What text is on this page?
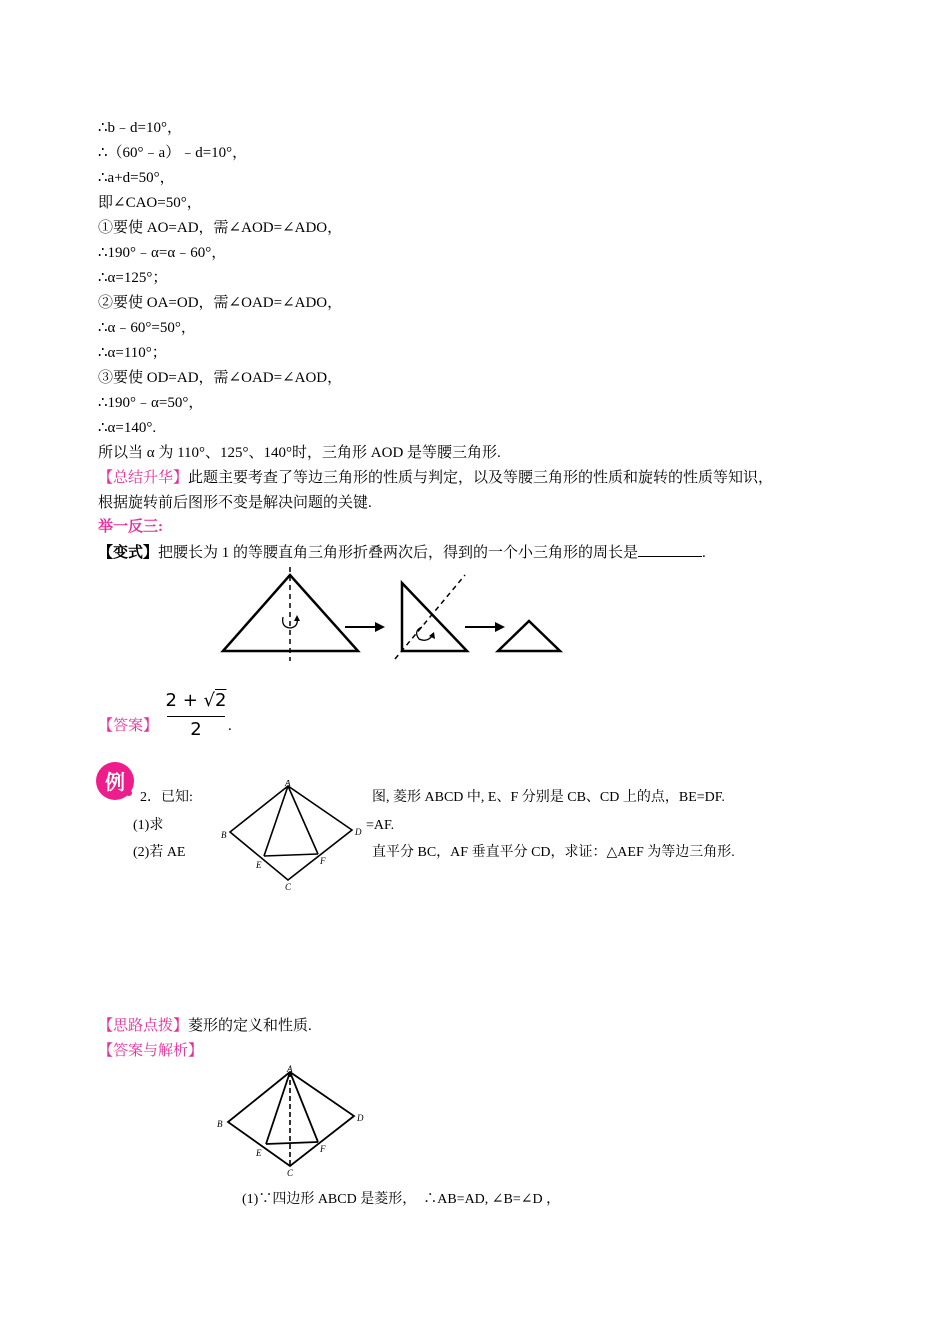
∴b﹣d=10°，
∴（60°﹣a）﹣d=10°，
∴a+d=50°，
即∠CAO=50°，
①要使 AO=AD，需∠AOD=∠ADO，
∴190°﹣α=α﹣60°，
∴α=125°；
②要使 OA=OD，需∠OAD=∠ADO，
∴α﹣60°=50°，
∴α=110°；
③要使 OD=AD，需∠OAD=∠AOD，
∴190°﹣α=50°，
∴α=140°.
所以当 α 为 110°、125°、140°时，三角形 AOD 是等腰三角形.
【总结升华】此题主要考查了等边三角形的性质与判定，以及等腰三角形的性质和旋转的性质等知识，
根据旋转前后图形不变是解决问题的关键.
举一反三:
【变式】把腰长为 1 的等腰直角三角形折叠两次后，得到的一个小三角形的周长是	.
【答案】
2 + √2
2	.
例
2．已知:	图, 菱形 ABCD 中, E、F 分别是 CB、CD 上的点，BE=DF.
(1)求	=AF.
(2)若 AE	直平分 BC，AF 垂直平分 CD，求证：△AEF 为等边三角形.
A
B
C
D
E	F
【思路点拨】菱形的定义和性质.
【答案与解析】
A
B
C
D
E	F
(1)∵四边形 ABCD 是菱形，　∴AB=AD, ∠B=∠D ，
